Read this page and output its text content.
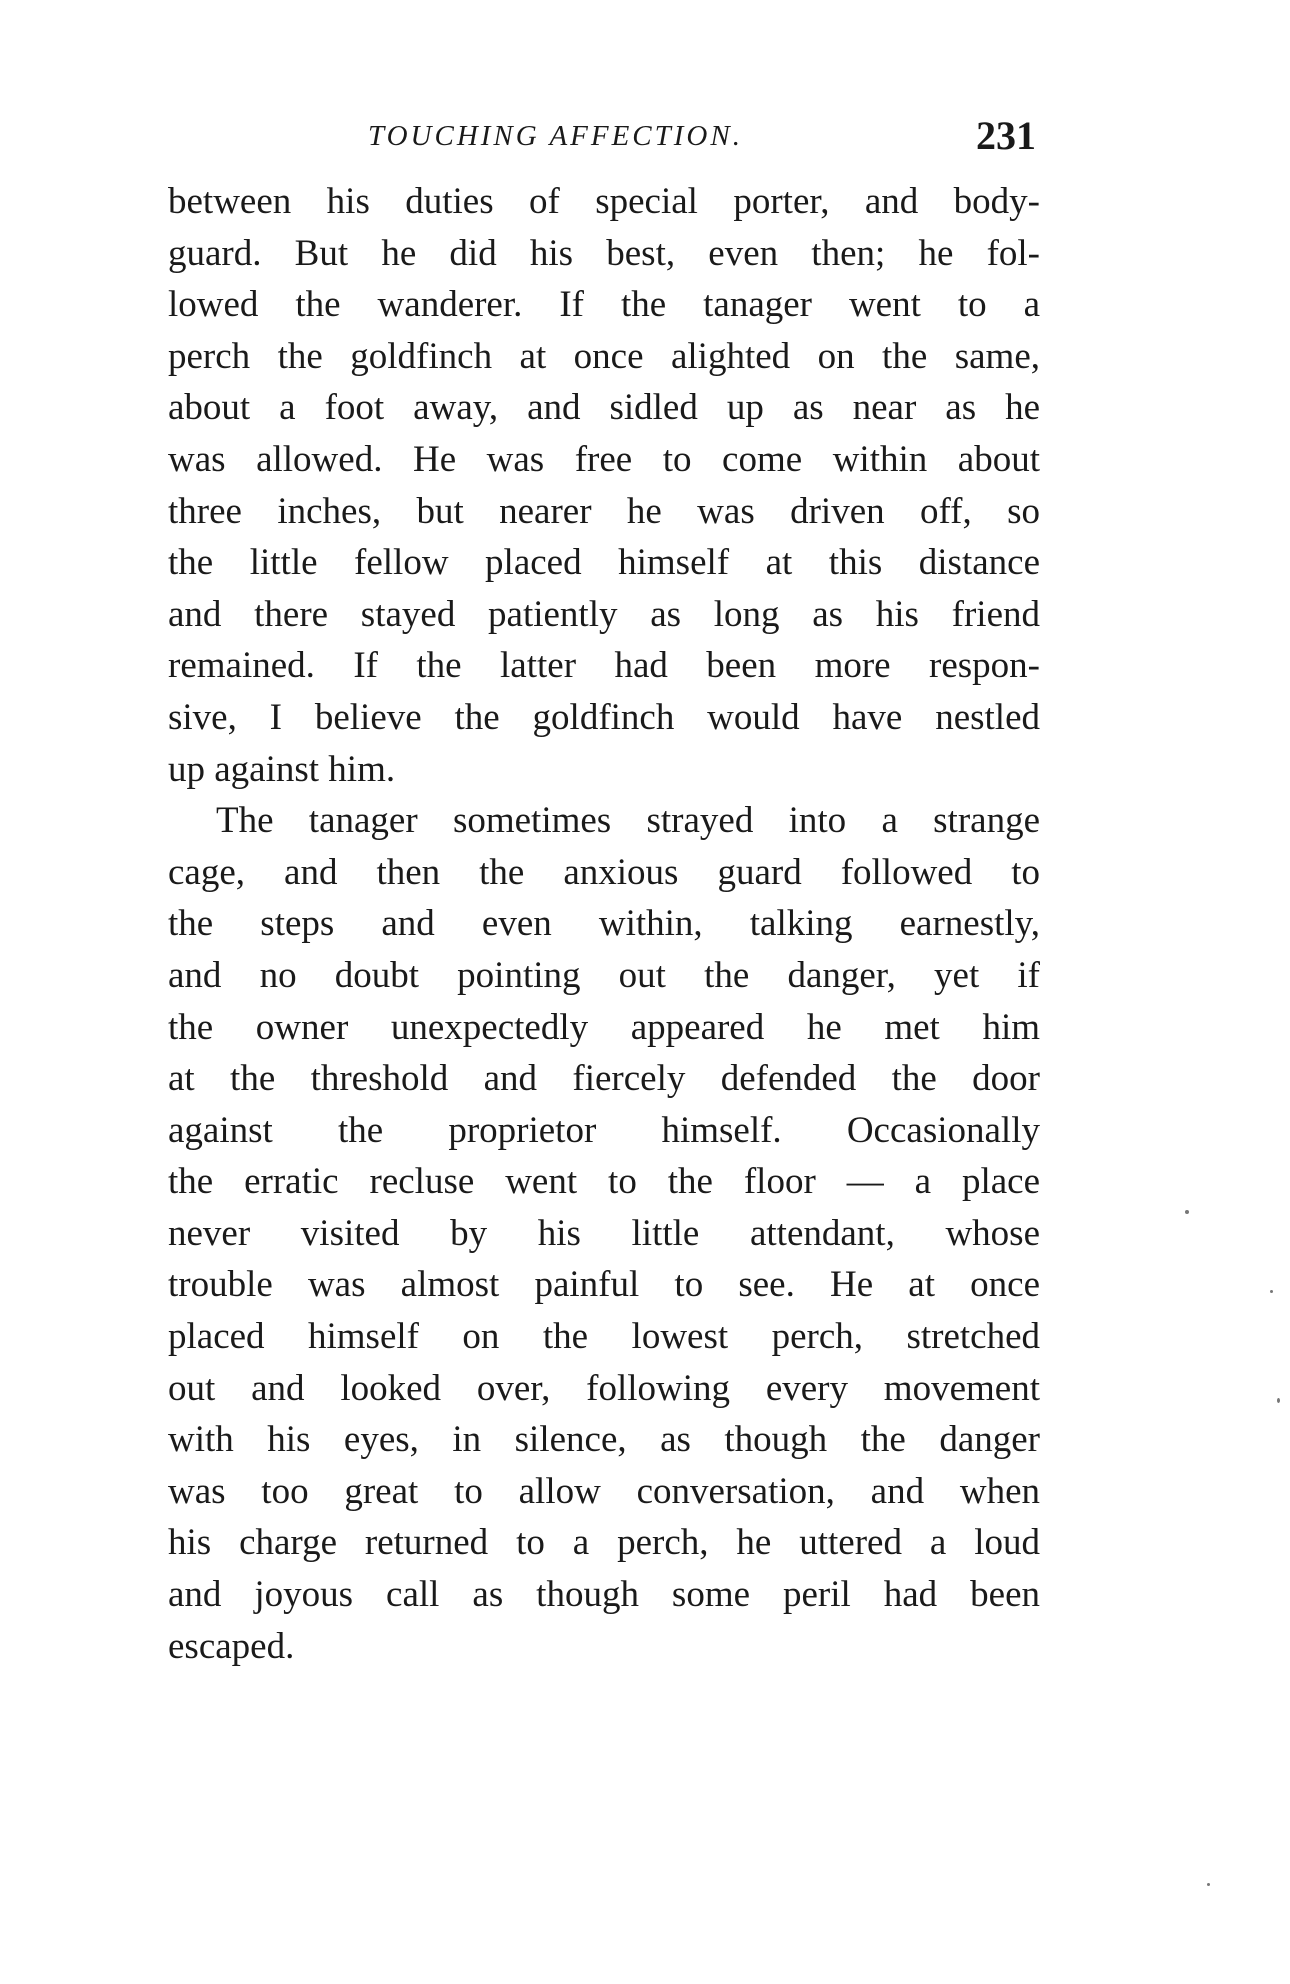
TOUCHING AFFECTION.	231
between his duties of special porter, and body-
guard. But he did his best, even then; he fol-
lowed the wanderer. If the tanager went to a
perch the goldfinch at once alighted on the same,
about a foot away, and sidled up as near as he
was allowed. He was free to come within about
three inches, but nearer he was driven off, so
the little fellow placed himself at this distance
and there stayed patiently as long as his friend
remained. If the latter had been more respon-
sive, I believe the goldfinch would have nestled
up against him.
The tanager sometimes strayed into a strange
cage, and then the anxious guard followed to
the steps and even within, talking earnestly,
and no doubt pointing out the danger, yet if
the owner unexpectedly appeared he met him
at the threshold and fiercely defended the door
against the proprietor himself. Occasionally
the erratic recluse went to the floor — a place
never visited by his little attendant, whose
trouble was almost painful to see. He at once
placed himself on the lowest perch, stretched
out and looked over, following every movement
with his eyes, in silence, as though the danger
was too great to allow conversation, and when
his charge returned to a perch, he uttered a loud
and joyous call as though some peril had been
escaped.
